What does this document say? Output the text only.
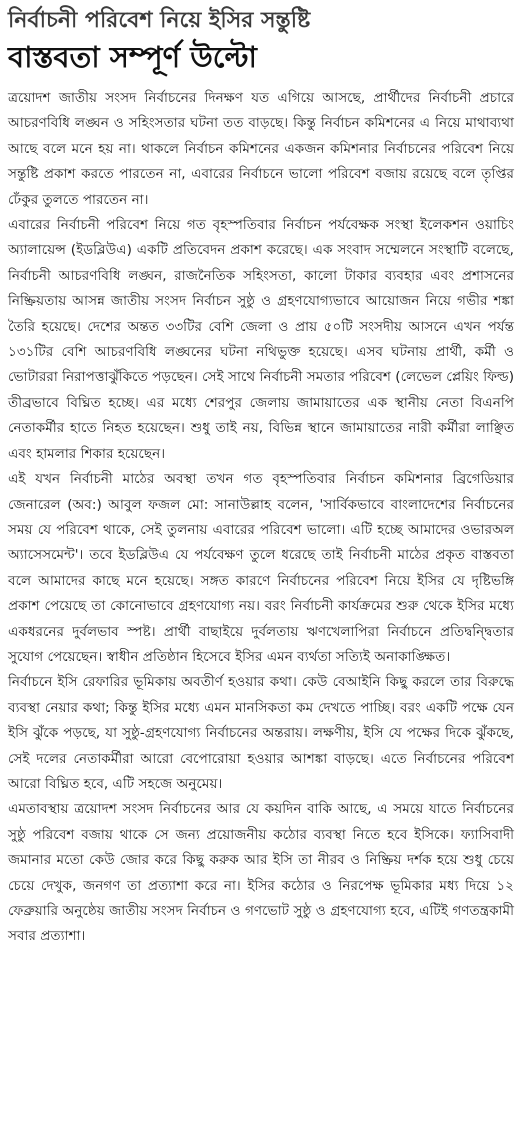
নির্বাচনী পরিবেশ নিয়ে ইসির সন্তুষ্টি
বাস্তবতা সম্পূর্ণ উল্টো

ত্রয়োদশ জাতীয় সংসদ নির্বাচনের দিনক্ষণ যত এগিয়ে আসছে, প্রার্থীদের নির্বাচনী প্রচারে আচরণবিধি লঙ্ঘন ও সহিংসতার ঘটনা তত বাড়ছে। কিন্তু নির্বাচন কমিশনের এ নিয়ে মাথাব্যথা আছে বলে মনে হয় না। থাকলে নির্বাচন কমিশনের একজন কমিশনার নির্বাচনের পরিবেশ নিয়ে সন্তুষ্টি প্রকাশ করতে পারতেন না, এবারের নির্বাচনে ভালো পরিবেশ বজায় রয়েছে বলে তৃপ্তির ঢেঁকুর তুলতে পারতেন না।

এবারের নির্বাচনী পরিবেশ নিয়ে গত বৃহস্পতিবার নির্বাচন পর্যবেক্ষক সংস্থা ইলেকশন ওয়াচিং অ্যালায়েন্স (ইডব্লিউএ) একটি প্রতিবেদন প্রকাশ করেছে। এক সংবাদ সম্মেলনে সংস্থাটি বলেছে, নির্বাচনী আচরণবিধি লঙ্ঘন, রাজনৈতিক সহিংসতা, কালো টাকার ব্যবহার এবং প্রশাসনের নিষ্ক্রিয়তায় আসন্ন জাতীয় সংসদ নির্বাচন সুষ্ঠু ও গ্রহণযোগ্যভাবে আয়োজন নিয়ে গভীর শঙ্কা তৈরি হয়েছে। দেশের অন্তত ৩৩টির বেশি জেলা ও প্রায় ৫০টি সংসদীয় আসনে এখন পর্যন্ত ১৩১টির বেশি আচরণবিধি লঙ্ঘনের ঘটনা নথিভুক্ত হয়েছে। এসব ঘটনায় প্রার্থী, কর্মী ও ভোটাররা নিরাপত্তাঝুঁকিতে পড়ছেন। সেই সাথে নির্বাচনী সমতার পরিবেশ (লেভেল প্লেয়িং ফিল্ড) তীব্রভাবে বিঘ্নিত হচ্ছে। এর মধ্যে শেরপুর জেলায় জামায়াতের এক স্থানীয় নেতা বিএনপি নেতাকর্মীর হাতে নিহত হয়েছেন। শুধু তাই নয়, বিভিন্ন স্থানে জামায়াতের নারী কর্মীরা লাঞ্ছিত এবং হামলার শিকার হয়েছেন।

এই যখন নির্বাচনী মাঠের অবস্থা তখন গত বৃহস্পতিবার নির্বাচন কমিশনার ব্রিগেডিয়ার জেনারেল (অব:) আবুল ফজল মো: সানাউল্লাহ বলেন, 'সার্বিকভাবে বাংলাদেশের নির্বাচনের সময় যে পরিবেশ থাকে, সেই তুলনায় এবারের পরিবেশ ভালো। এটি হচ্ছে আমাদের ওভারঅল অ্যাসেসমেন্ট'। তবে ইডব্লিউএ যে পর্যবেক্ষণ তুলে ধরেছে তাই নির্বাচনী মাঠের প্রকৃত বাস্তবতা বলে আমাদের কাছে মনে হয়েছে। সঙ্গত কারণে নির্বাচনের পরিবেশ নিয়ে ইসির যে দৃষ্টিভঙ্গি প্রকাশ পেয়েছে তা কোনোভাবে গ্রহণযোগ্য নয়। বরং নির্বাচনী কার্যক্রমের শুরু থেকে ইসির মধ্যে একধরনের দুর্বলভাব স্পষ্ট। প্রার্থী বাছাইয়ে দুর্বলতায় ঋণখেলাপিরা নির্বাচনে প্রতিদ্বন্দ্বিতার সুযোগ পেয়েছেন। স্বাধীন প্রতিষ্ঠান হিসেবে ইসির এমন ব্যর্থতা সত্যিই অনাকাঙ্ক্ষিত।

নির্বাচনে ইসি রেফারির ভূমিকায় অবতীর্ণ হওয়ার কথা। কেউ বেআইনি কিছু করলে তার বিরুদ্ধে ব্যবস্থা নেয়ার কথা; কিন্তু ইসির মধ্যে এমন মানসিকতা কম দেখতে পাচ্ছি। বরং একটি পক্ষে যেন ইসি ঝুঁকে পড়ছে, যা সুষ্ঠু-গ্রহণযোগ্য নির্বাচনের অন্তরায়। লক্ষণীয়, ইসি যে পক্ষের দিকে ঝুঁকছে, সেই দলের নেতাকর্মীরা আরো বেপোরোয়া হওয়ার আশঙ্কা বাড়ছে। এতে নির্বাচনের পরিবেশ আরো বিঘ্নিত হবে, এটি সহজে অনুমেয়।

এমতাবস্থায় ত্রয়োদশ সংসদ নির্বাচনের আর যে কয়দিন বাকি আছে, এ সময়ে যাতে নির্বাচনের সুষ্ঠু পরিবেশ বজায় থাকে সে জন্য প্রয়োজনীয় কঠোর ব্যবস্থা নিতে হবে ইসিকে। ফ্যাসিবাদী জমানার মতো কেউ জোর করে কিছু করুক আর ইসি তা নীরব ও নিষ্ক্রিয় দর্শক হয়ে শুধু চেয়ে চেয়ে দেখুক, জনগণ তা প্রত্যাশা করে না। ইসির কঠোর ও নিরপেক্ষ ভূমিকার মধ্য দিয়ে ১২ ফেব্রুয়ারি অনুষ্ঠেয় জাতীয় সংসদ নির্বাচন ও গণভোট সুষ্ঠু ও গ্রহণযোগ্য হবে, এটিই গণতন্ত্রকামী সবার প্রত্যাশা।
